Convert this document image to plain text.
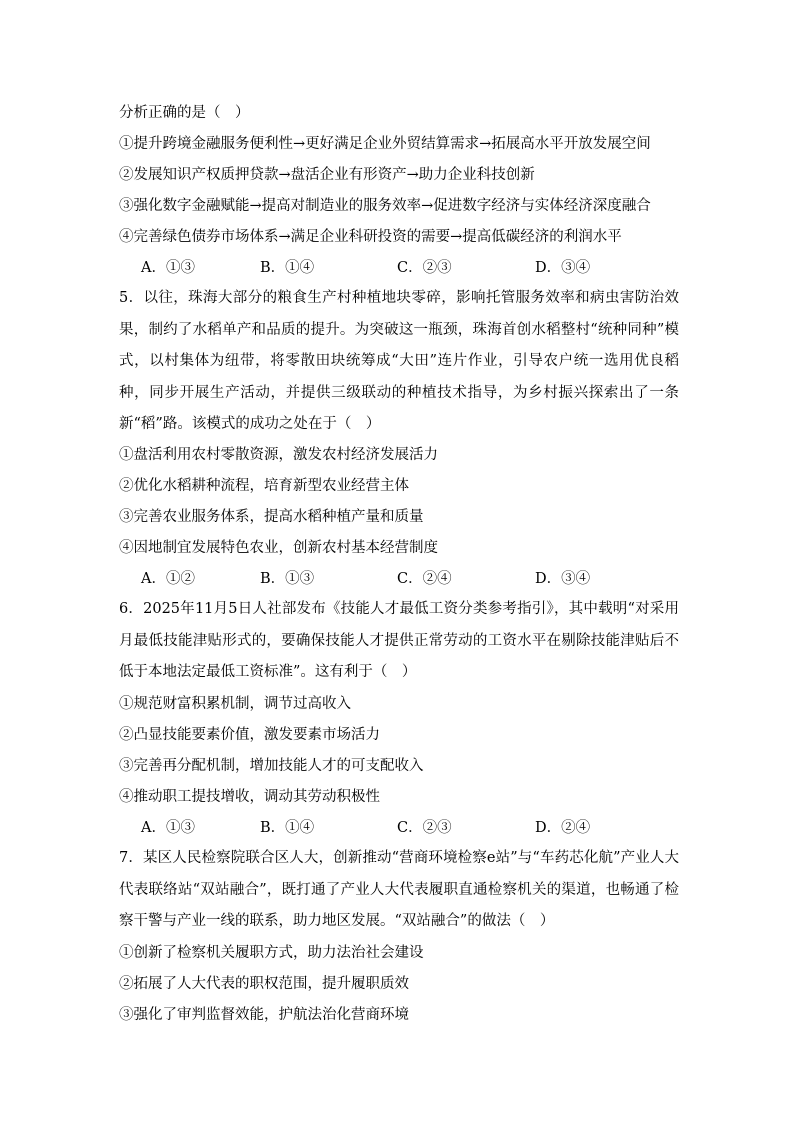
分析正确的是（　）
①提升跨境金融服务便利性→更好满足企业外贸结算需求→拓展高水平开放发展空间
②发展知识产权质押贷款→盘活企业有形资产→助力企业科技创新
③强化数字金融赋能→提高对制造业的服务效率→促进数字经济与实体经济深度融合
④完善绿色债券市场体系→满足企业科研投资的需要→提高低碳经济的利润水平
A．①③	B．①④	C．②③	D．③④
5．以往，珠海大部分的粮食生产村种植地块零碎，影响托管服务效率和病虫害防治效果，制约了水稻单产和品质的提升。为突破这一瓶颈，珠海首创水稻整村“统种同种”模式，以村集体为纽带，将零散田块统筹成“大田”连片作业，引导农户统一选用优良稻种，同步开展生产活动，并提供三级联动的种植技术指导，为乡村振兴探索出了一条新“稻”路。该模式的成功之处在于（　）
①盘活利用农村零散资源，激发农村经济发展活力
②优化水稻耕种流程，培育新型农业经营主体
③完善农业服务体系，提高水稻种植产量和质量
④因地制宜发展特色农业，创新农村基本经营制度
A．①②	B．①③	C．②④	D．③④
6．2025年11月5日人社部发布《技能人才最低工资分类参考指引》，其中载明“对采用月最低技能津贴形式的，要确保技能人才提供正常劳动的工资水平在剔除技能津贴后不低于本地法定最低工资标准”。这有利于（　）
①规范财富积累机制，调节过高收入
②凸显技能要素价值，激发要素市场活力
③完善再分配机制，增加技能人才的可支配收入
④推动职工提技增收，调动其劳动积极性
A．①③	B．①④	C．②③	D．②④
7．某区人民检察院联合区人大，创新推动“营商环境检察e站”与“车药芯化航”产业人大代表联络站“双站融合”，既打通了产业人大代表履职直通检察机关的渠道，也畅通了检察干警与产业一线的联系，助力地区发展。“双站融合”的做法（　）
①创新了检察机关履职方式，助力法治社会建设
②拓展了人大代表的职权范围，提升履职质效
③强化了审判监督效能，护航法治化营商环境
